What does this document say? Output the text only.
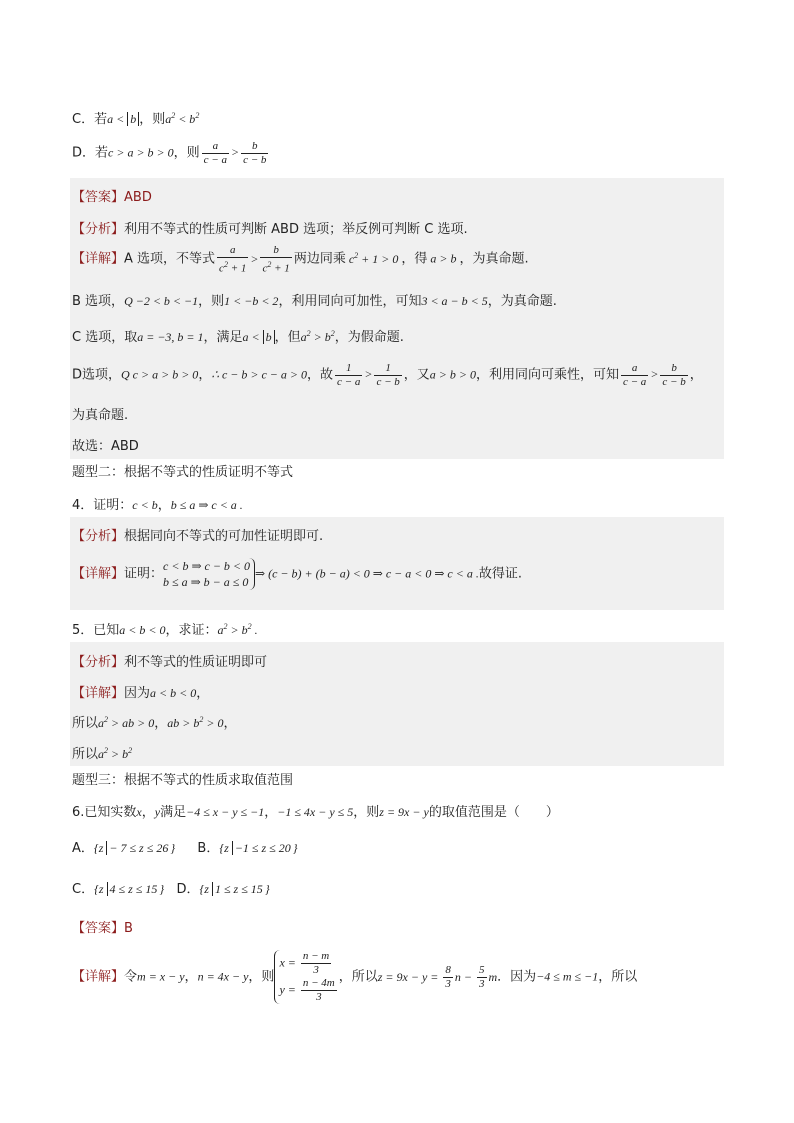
C．若a < b ，则$a^2 < b^2$
D．若c > a > b > 0，则 $\frac{a}{c - a} > \frac{b}{c - b}$
【答案】ABD
【分析】利用不等式的性质可判断 ABD 选项；举反例可判断 C 选项.
【详解】A 选项，不等式 $\frac{a}{c^2 + 1} > \frac{b}{c^2 + 1}$ 两边同乘 $c^2 + 1 > 0$ ，得 a > b ，为真命题.
B 选项，Q −2 < b < −1，则1 < −b < 2，利用同向可加性，可知3 < a − b < 5，为真命题.
C 选项，取a = −3, b = 1，满足a < b ，但$a^2 > b^2$，为假命题.
D选项，Q c > a > b > 0，∴ c − b > c − a > 0，故 $\frac{1}{c - a} > \frac{1}{c - b}$ ，又a > b > 0，利用同向可乘性，可知 $\frac{a}{c - a} > \frac{b}{c - b}$ ，
为真命题.
故选：ABD
题型二：根据不等式的性质证明不等式
4．证明：c < b，b ≤ a ⇒ c < a .
【分析】根据同向不等式的可加性证明即可.
【详解】证明：c < b ⇒ c − b < 0
b ≤ a ⇒ b − a ≤ 0⇒ (c − b) + (b − a) < 0 ⇒ c − a < 0 ⇒ c < a .故得证.
5．已知a < b < 0，求证：$a^2 > b^2$ .
【分析】利不等式的性质证明即可
【详解】因为a < b < 0，
所以$a^2$ > ab > 0，ab > $b^2 > 0$，
所以$a^2 > b^2$
题型三：根据不等式的性质求取值范围
6.已知实数x，y满足−4 ≤ x − y ≤ −1，−1 ≤ 4x − y ≤ 5，则z = 9x − y的取值范围是（　　）
A．{z − 7 ≤ z ≤ 26 } B．{z −1 ≤ z ≤ 20 }
C．{z 4 ≤ z ≤ 15 } D．{z 1 ≤ z ≤ 15 }
【答案】B
【详解】令m = x − y，n = 4x − y，则$x = \frac{n - m}{3}$

$y = \frac{n - 4m}{3}$ ，所以$z = 9x - y = \frac{8}{3}$ $n - \frac{5}{3}$ m．因为−4 ≤ m ≤ −1，所以
